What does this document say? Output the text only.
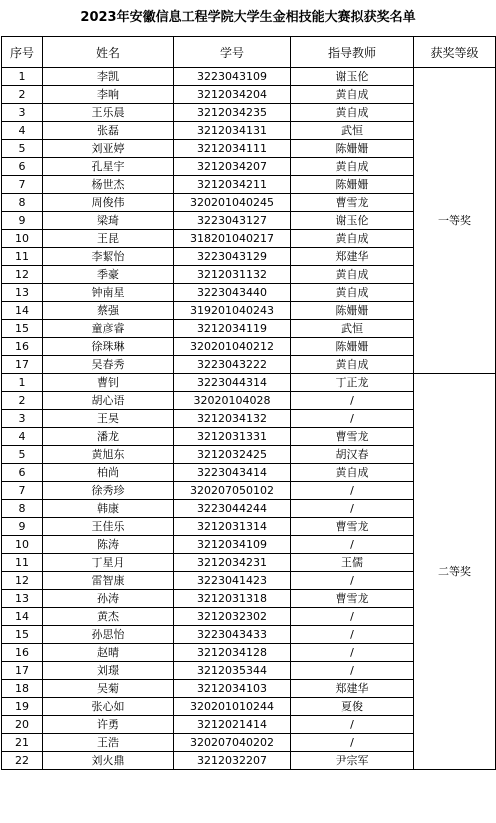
2023年安徽信息工程学院大学生金相技能大赛拟获奖名单
序号	姓名	学号	指导教师	获奖等级
1	李凯	3223043109	谢玉伦	一等奖
2	李响	3212034204	黄自成	
3	王乐晨	3212034235	黄自成	
4	张磊	3212034131	武恒	
5	刘亚婷	3212034111	陈姗姗	
6	孔星宇	3212034207	黄自成	
7	杨世杰	3212034211	陈姗姗	
8	周俊伟	320201040245	曹雪龙	
9	梁琦	3223043127	谢玉伦	
10	王昆	318201040217	黄自成	
11	李絜怡	3223043129	郑建华	
12	季豪	3212031132	黄自成	
13	钟南星	3223043440	黄自成	
14	蔡强	319201040243	陈姗姗	
15	童彦睿	3212034119	武恒	
16	徐珠琳	320201040212	陈姗姗	
17	吴春秀	3223043222	黄自成	
1	曹钊	3223044314	丁正龙	二等奖
2	胡心语	32020104028	/	
3	王昊	3212034132	/	
4	潘龙	3212031331	曹雪龙	
5	黄旭东	3212032425	胡汉春	
6	柏尚	3223043414	黄自成	
7	徐秀珍	320207050102	/	
8	韩康	3223044244	/	
9	王佳乐	3212031314	曹雪龙	
10	陈涛	3212034109	/	
11	丁星月	3212034231	王儒	
12	雷智康	3223041423	/	
13	孙涛	3212031318	曹雪龙	
14	黄杰	3212032302	/	
15	孙思怡	3223043433	/	
16	赵晴	3212034128	/	
17	刘璟	3212035344	/	
18	吴菊	3212034103	郑建华	
19	张心如	320201010244	夏俊	
20	许勇	3212021414	/	
21	王浩	320207040202	/	
22	刘火鼎	3212032207	尹宗军	
